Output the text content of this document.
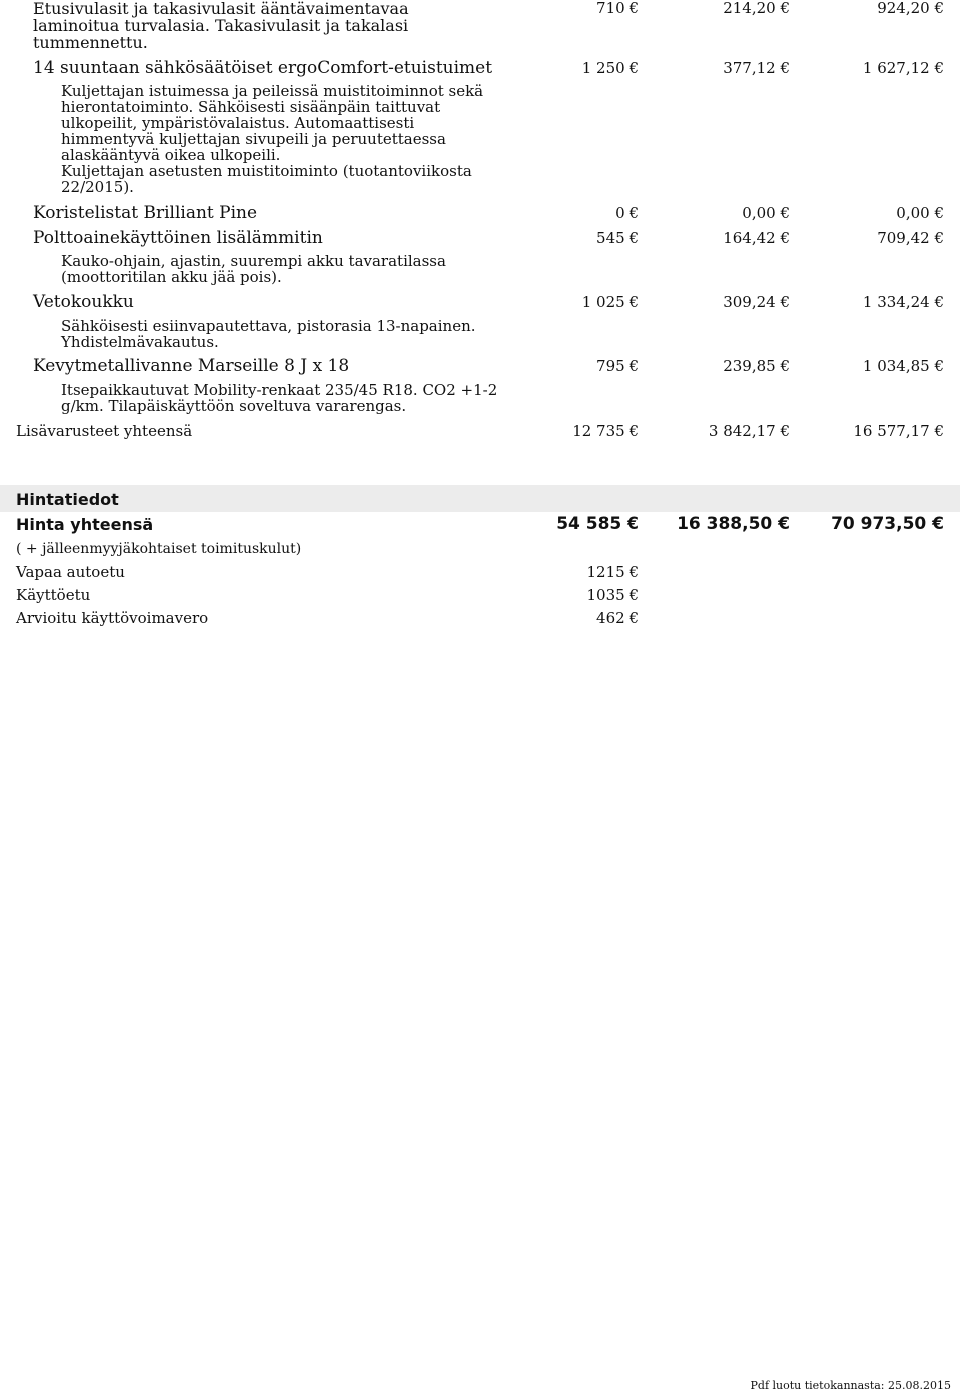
Etusivulasit ja takasivulasit ääntävaimentavaa
laminoitua turvalasia. Takasivulasit ja takalasi
tummennettu.
710 €	214,20 €	924,20 €
14 suuntaan sähkösäätöiset ergoComfort-etuistuimet	1 250 €	377,12 €	1 627,12 €
Kuljettajan istuimessa ja peileissä muistitoiminnot sekä
hierontatoiminto. Sähköisesti sisäänpäin taittuvat
ulkopeilit, ympäristövalaistus. Automaattisesti
himmentyvä kuljettajan sivupeili ja peruutettaessa
alaskääntyvä oikea ulkopeili.
Kuljettajan asetusten muistitoiminto (tuotantoviikosta
22/2015).
Koristelistat Brilliant Pine	0 €	0,00 €	0,00 €
Polttoainekäyttöinen lisälämmitin	545 €	164,42 €	709,42 €
Kauko-ohjain, ajastin, suurempi akku tavaratilassa
(moottoritilan akku jää pois).
Vetokoukku	1 025 €	309,24 €	1 334,24 €
Sähköisesti esiinvapautettava, pistorasia 13-napainen.
Yhdistelmävakautus.
Kevytmetallivanne Marseille 8 J x 18	795 €	239,85 €	1 034,85 €
Itsepaikkautuvat Mobility-renkaat 235/45 R18. CO2 +1-2
g/km. Tilapäiskäyttöön soveltuva vararengas.
Lisävarusteet yhteensä	12 735 €	3 842,17 €	16 577,17 €
Hintatiedot
Hinta yhteensä	54 585 € 16 388,50 € 70 973,50 €
( + jälleenmyyjäkohtaiset toimituskulut)
Vapaa autoetu	1215 €
Käyttöetu	1035 €
Arvioitu käyttövoimavero	462 €
Pdf luotu tietokannasta: 25.08.2015
